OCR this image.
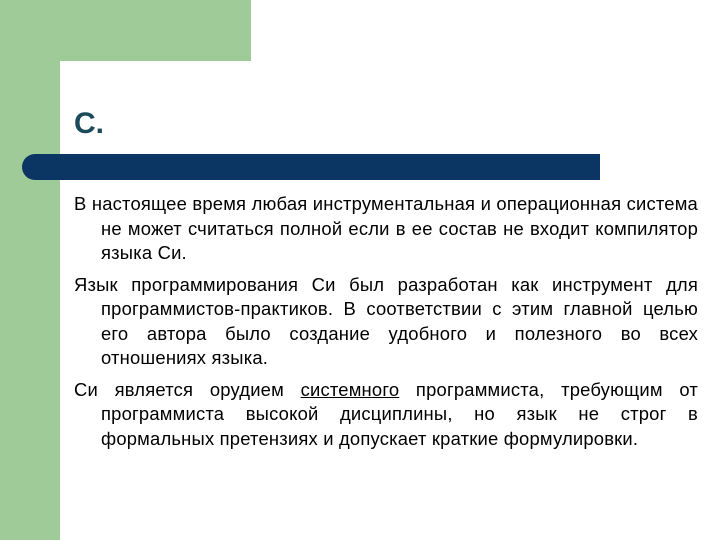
С.

В настоящее время любая инструментальная и операционная система не может считаться полной если в ее состав не входит компилятор языка Си.

Язык программирования Си был разработан как инструмент для программистов-практиков. В соответствии с этим главной целью его автора было создание удобного и полезного во всех отношениях языка.

Си является орудием системного программиста, требующим от программиста высокой дисциплины, но язык не строг в формальных претензиях и допускает краткие формулировки.
